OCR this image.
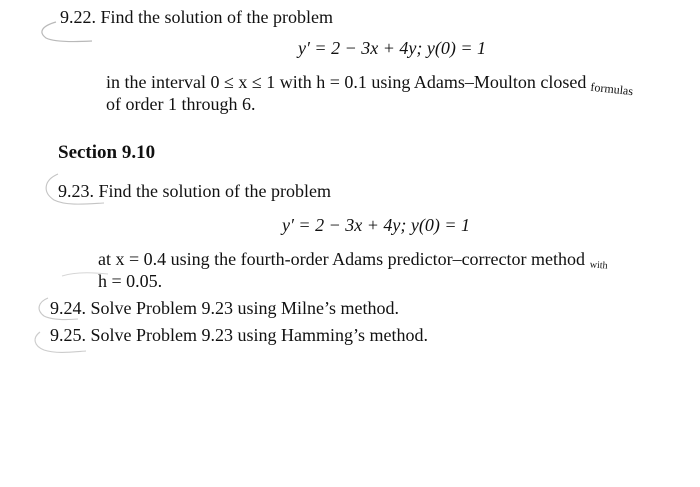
9.22. Find the solution of the problem
y′ = 2 − 3x + 4y; y(0) = 1
in the interval 0 ≤ x ≤ 1 with h = 0.1 using Adams–Moulton closed formulas
of order 1 through 6.
Section 9.10
9.23. Find the solution of the problem
y′ = 2 − 3x + 4y; y(0) = 1
at x = 0.4 using the fourth-order Adams predictor–corrector method with
h = 0.05.
9.24. Solve Problem 9.23 using Milne’s method.
9.25. Solve Problem 9.23 using Hamming’s method.
